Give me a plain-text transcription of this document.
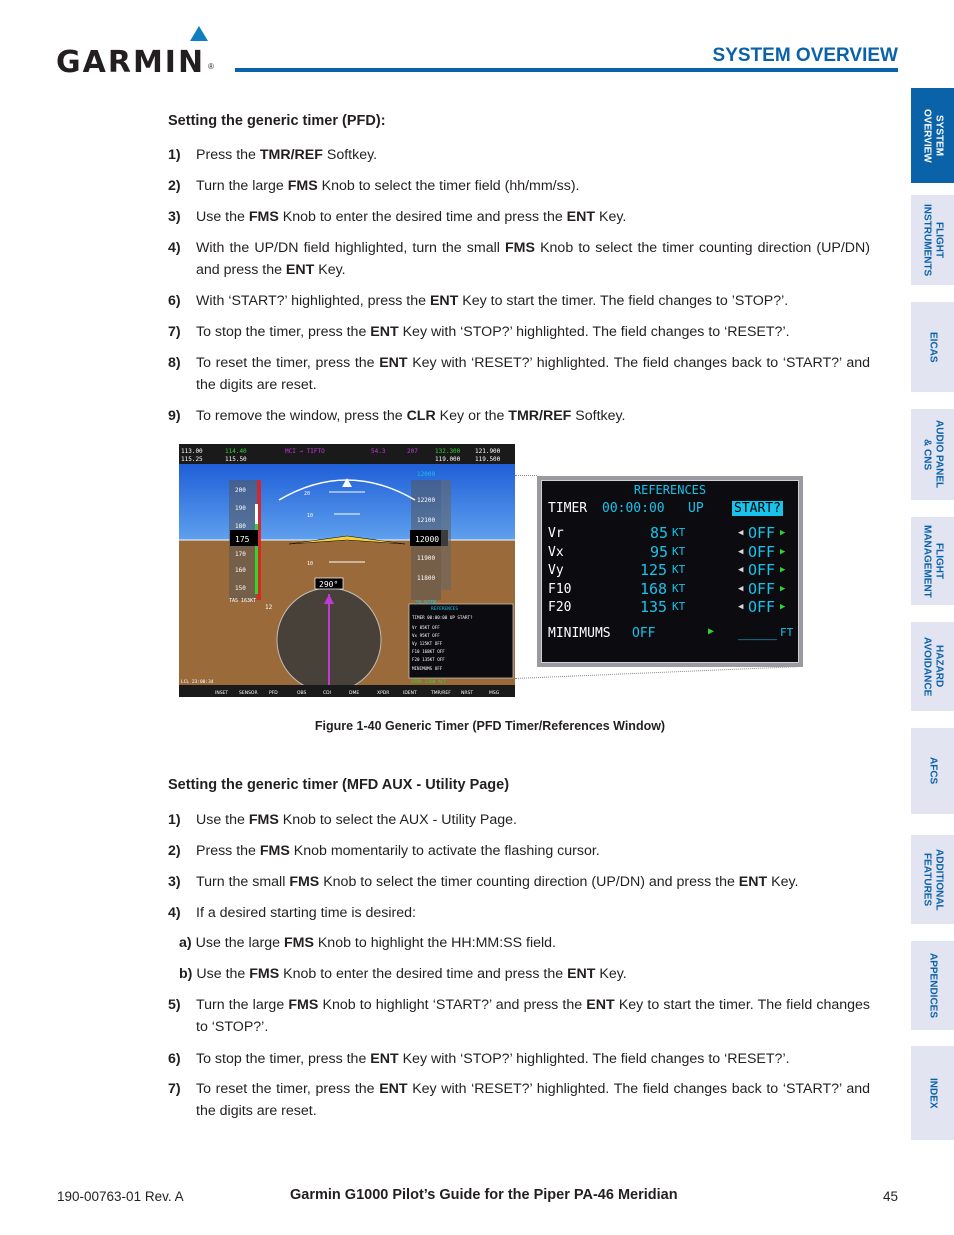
GARMIN ®
SYSTEM OVERVIEW
SYSTEM
OVERVIEW
FLIGHT
INSTRUMENTS
EICAS
AUDIO PANEL
& CNS
FLIGHT
MANAGEMENT
HAZARD
AVOIDANCE
AFCS
ADDITIONAL
FEATURES
APPENDICES
INDEX
Setting the generic timer (PFD):
1) Press the TMR/REF Softkey.
2) Turn the large FMS Knob to select the timer field (hh/mm/ss).
3) Use the FMS Knob to enter the desired time and press the ENT Key.
4) With the UP/DN field highlighted, turn the small FMS Knob to select the timer counting direction (UP/DN) and press the ENT Key.
6) With ‘START?’ highlighted, press the ENT Key to start the timer. The field changes to ’STOP?’.
7) To stop the timer, press the ENT Key with ‘STOP?’ highlighted. The field changes to ‘RESET?’.
8) To reset the timer, press the ENT Key with ‘RESET?’ highlighted. The field changes back to ‘START?’ and the digits are reset.
9) To remove the window, press the CLR Key or the TMR/REF Softkey.
113.00	114.40
115.25	115.50
MCI → TIFTO	54.3	207	132.300 121.900
119.000 119.500
200
190
180
170
160
150
175
TAS 163KT
12200
12100
11900
11800
12000
12000
29.92IN
290°
20
10
10
12	REFERENCES
TIMER 00:00:00 UP START?
Vr 85KT OFF
Vx 95KT OFF
Vy 125KT OFF
F10 168KT OFF
F20 135KT OFF
MINIMUMS OFF
LCL 23:00:34	XPDR 1200 ALT
INSET SENSOR	PFD	OBS	CDI	DME	XPDR	IDENT	TMR/REF NRST	MSG
REFERENCES
TIMER 00:00:00 UP START?
Vr	85 KT	◀ OFF ▶
Vx	95 KT	◀ OFF ▶
Vy	125 KT	◀ OFF ▶
F10	168 KT	◀ OFF ▶
F20	135 KT	◀ OFF ▶
MINIMUMS OFF	▶ _____ FT
Figure 1-40 Generic Timer (PFD Timer/References Window)
Setting the generic timer (MFD AUX - Utility Page)
1) Use the FMS Knob to select the AUX - Utility Page.
2) Press the FMS Knob momentarily to activate the flashing cursor.
3) Turn the small FMS Knob to select the timer counting direction (UP/DN) and press the ENT Key.
4) If a desired starting time is desired:
a) Use the large FMS Knob to highlight the HH:MM:SS field.
b) Use the FMS Knob to enter the desired time and press the ENT Key.
5) Turn the large FMS Knob to highlight ‘START?’ and press the ENT Key to start the timer. The field changes to ‘STOP?’.
6) To stop the timer, press the ENT Key with ‘STOP?’ highlighted. The field changes to ‘RESET?’.
7) To reset the timer, press the ENT Key with ‘RESET?’ highlighted. The field changes back to ‘START?’ and the digits are reset.
190-00763-01 Rev. A	Garmin G1000 Pilot’s Guide for the Piper PA-46 Meridian	45
